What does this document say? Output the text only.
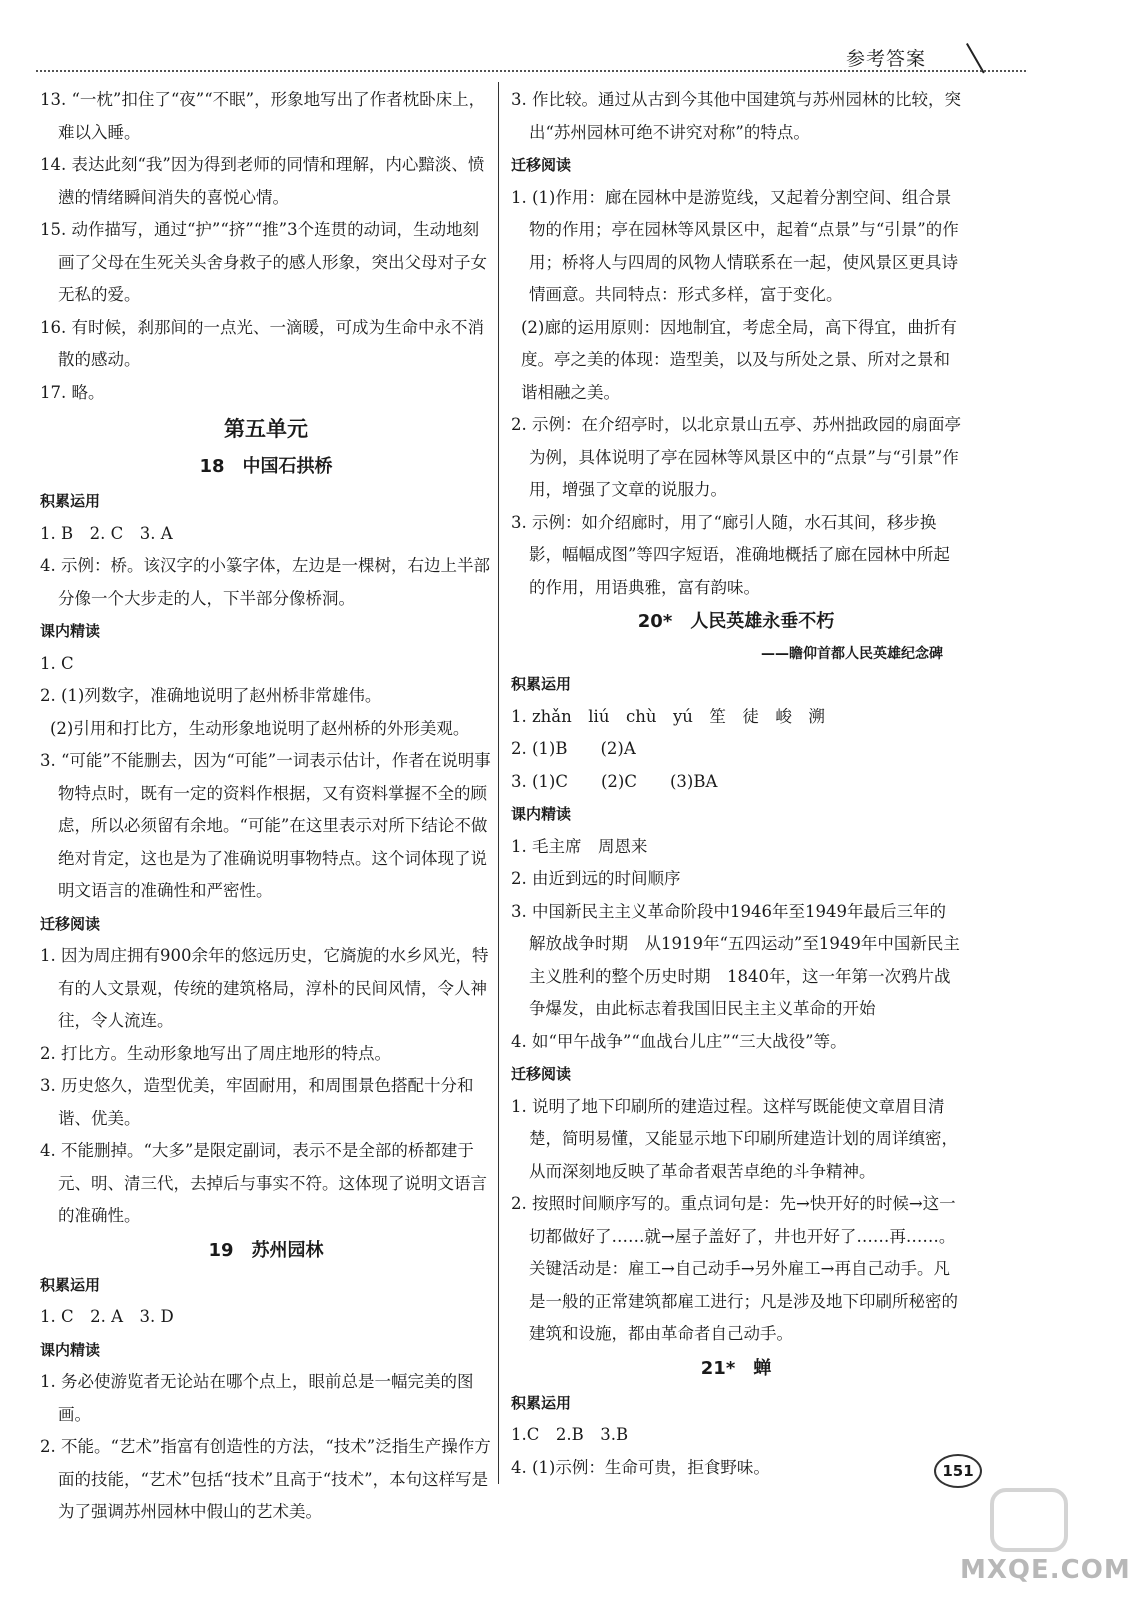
参考答案

13. “一枕”扣住了“夜”“不眠”，形象地写出了作者枕卧床上，难以入睡。

14. 表达此刻“我”因为得到老师的同情和理解，内心黯淡、愤懑的情绪瞬间消失的喜悦心情。

15. 动作描写，通过“护”“挤”“推”3个连贯的动词，生动地刻画了父母在生死关头舍身救子的感人形象，突出父母对子女无私的爱。

16. 有时候，刹那间的一点光、一滴暖，可成为生命中永不消散的感动。

17. 略。

第五单元

18　中国石拱桥

积累运用

1. B　2. C　3. A

4. 示例：桥。该汉字的小篆字体，左边是一棵树，右边上半部分像一个大步走的人，下半部分像桥洞。

课内精读

1. C

2. (1)列数字，准确地说明了赵州桥非常雄伟。

(2)引用和打比方，生动形象地说明了赵州桥的外形美观。

3. “可能”不能删去，因为“可能”一词表示估计，作者在说明事物特点时，既有一定的资料作根据，又有资料掌握不全的顾虑，所以必须留有余地。“可能”在这里表示对所下结论不做绝对肯定，这也是为了准确说明事物特点。这个词体现了说明文语言的准确性和严密性。

迁移阅读

1. 因为周庄拥有900余年的悠远历史，它旖旎的水乡风光，特有的人文景观，传统的建筑格局，淳朴的民间风情，令人神往，令人流连。

2. 打比方。生动形象地写出了周庄地形的特点。

3. 历史悠久，造型优美，牢固耐用，和周围景色搭配十分和谐、优美。

4. 不能删掉。“大多”是限定副词，表示不是全部的桥都建于元、明、清三代，去掉后与事实不符。这体现了说明文语言的准确性。

19　苏州园林

积累运用

1. C　2. A　3. D

课内精读

1. 务必使游览者无论站在哪个点上，眼前总是一幅完美的图画。

2. 不能。“艺术”指富有创造性的方法，“技术”泛指生产操作方面的技能，“艺术”包括“技术”且高于“技术”，本句这样写是为了强调苏州园林中假山的艺术美。

3. 作比较。通过从古到今其他中国建筑与苏州园林的比较，突出“苏州园林可绝不讲究对称”的特点。

迁移阅读

1. (1)作用：廊在园林中是游览线，又起着分割空间、组合景物的作用；亭在园林等风景区中，起着“点景”与“引景”的作用；桥将人与四周的风物人情联系在一起，使风景区更具诗情画意。共同特点：形式多样，富于变化。

(2)廊的运用原则：因地制宜，考虑全局，高下得宜，曲折有度。亭之美的体现：造型美，以及与所处之景、所对之景和谐相融之美。

2. 示例：在介绍亭时，以北京景山五亭、苏州拙政园的扇面亭为例，具体说明了亭在园林等风景区中的“点景”与“引景”作用，增强了文章的说服力。

3. 示例：如介绍廊时，用了“廊引人随，水石其间，移步换影，幅幅成图”等四字短语，准确地概括了廊在园林中所起的作用，用语典雅，富有韵味。

20*　人民英雄永垂不朽

——瞻仰首都人民英雄纪念碑

积累运用

1. zhǎn　liú　chù　yú　笙　徒　峻　溯

2. (1)B　　(2)A

3. (1)C　　(2)C　　(3)BA

课内精读

1. 毛主席　周恩来

2. 由近到远的时间顺序

3. 中国新民主主义革命阶段中1946年至1949年最后三年的解放战争时期　从1919年“五四运动”至1949年中国新民主主义胜利的整个历史时期　1840年，这一年第一次鸦片战争爆发，由此标志着我国旧民主主义革命的开始

4. 如“甲午战争”“血战台儿庄”“三大战役”等。

迁移阅读

1. 说明了地下印刷所的建造过程。这样写既能使文章眉目清楚，简明易懂，又能显示地下印刷所建造计划的周详缜密，从而深刻地反映了革命者艰苦卓绝的斗争精神。

2. 按照时间顺序写的。重点词句是：先→快开好的时候→这一切都做好了……就→屋子盖好了，井也开好了……再……。关键活动是：雇工→自己动手→另外雇工→再自己动手。凡是一般的正常建筑都雇工进行；凡是涉及地下印刷所秘密的建筑和设施，都由革命者自己动手。

21*　蝉

积累运用

1.C　2.B　3.B

4. (1)示例：生命可贵，拒食野味。	151
MXQE.COM
